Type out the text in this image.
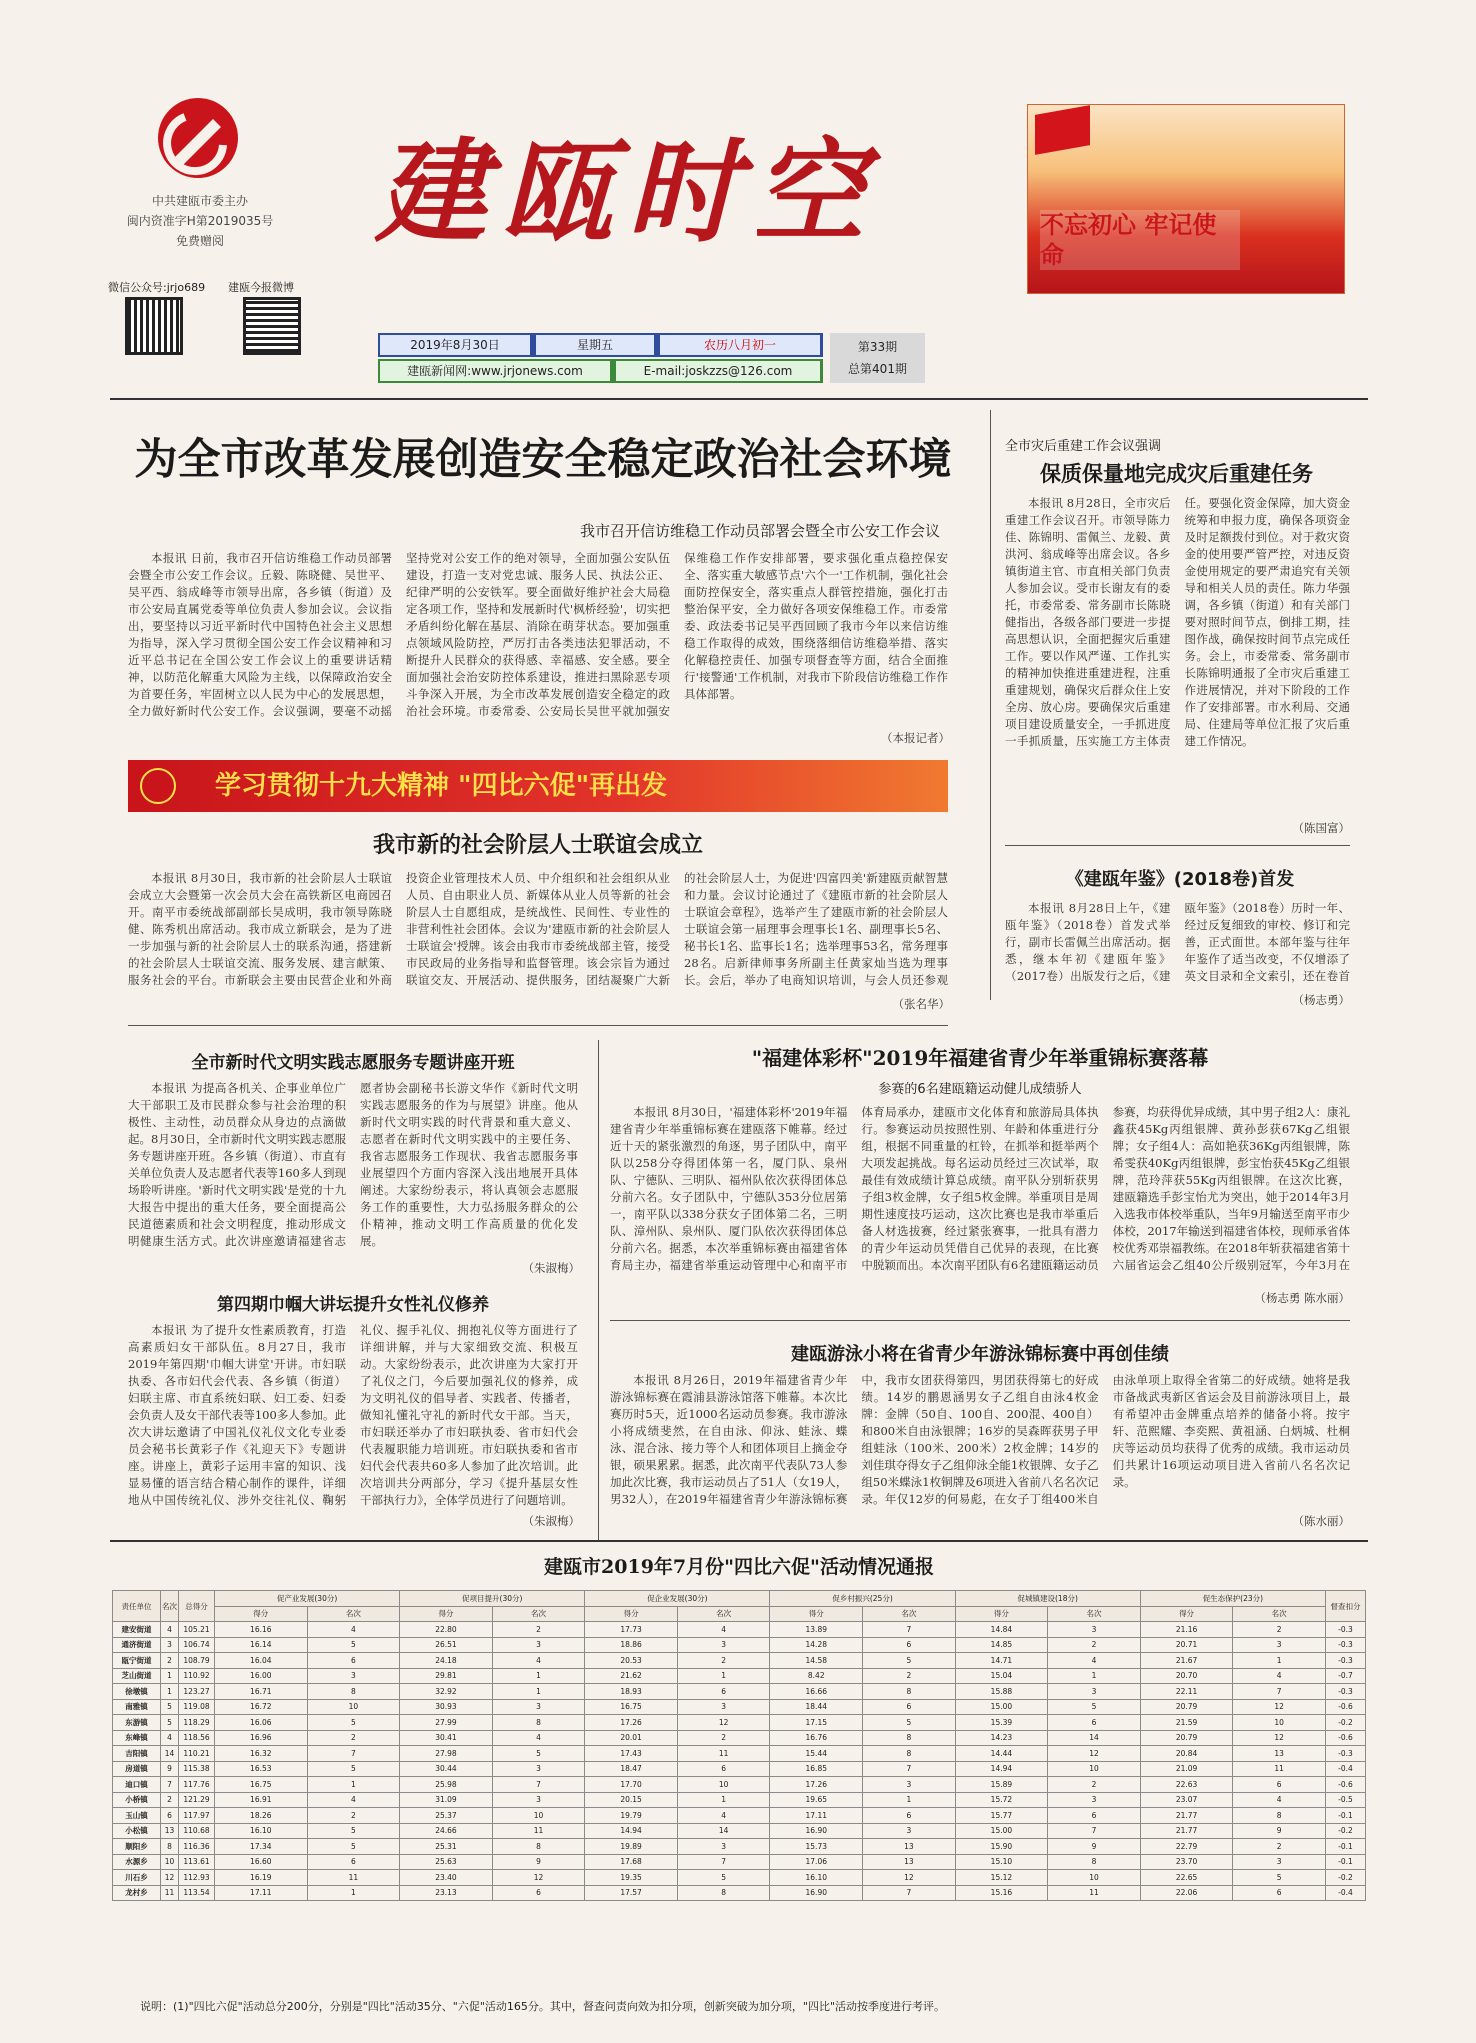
中共建瓯市委主办
闽内资准字H第2019035号
免费赠阅
微信公众号:jrjo689 建瓯今报微博
建瓯时空
2019年8月30日	星期五	农历八月初一
建瓯新闻网:www.jrjonews.com	E-mail:joskzzs@126.com
第33期
总第401期
不忘初心 牢记使命
为全市改革发展创造安全稳定政治社会环境
我市召开信访维稳工作动员部署会暨全市公安工作会议

本报讯 日前，我市召开信访维稳工作动员部署会暨全市公安工作会议。丘毅、陈晓健、吴世平、吴平西、翁成峰等市领导出席，各乡镇（街道）及市公安局直属党委等单位负责人参加会议。会议指出，要坚持以习近平新时代中国特色社会主义思想为指导，深入学习贯彻全国公安工作会议精神和习近平总书记在全国公安工作会议上的重要讲话精神，以防范化解重大风险为主线，以保障政治安全为首要任务，牢固树立以人民为中心的发展思想，全力做好新时代公安工作。会议强调，要毫不动摇坚持党对公安工作的绝对领导，全面加强公安队伍建设，打造一支对党忠诚、服务人民、执法公正、纪律严明的公安铁军。要全面做好维护社会大局稳定各项工作，坚持和发展新时代'枫桥经验'，切实把矛盾纠纷化解在基层、消除在萌芽状态。要加强重点领域风险防控，严厉打击各类违法犯罪活动，不断提升人民群众的获得感、幸福感、安全感。要全面加强社会治安防控体系建设，推进扫黑除恶专项斗争深入开展，为全市改革发展创造安全稳定的政治社会环境。市委常委、公安局长吴世平就加强安保维稳工作作安排部署，要求强化重点稳控保安全、落实重大敏感节点'六个一'工作机制，强化社会面防控保安全，落实重点人群管控措施，强化打击整治保平安，全力做好各项安保维稳工作。市委常委、政法委书记吴平西回顾了我市今年以来信访维稳工作取得的成效，围绕落细信访维稳举措、落实化解稳控责任、加强专项督查等方面，结合全面推行'接警通'工作机制，对我市下阶段信访维稳工作作具体部署。

（本报记者）
学习贯彻十九大精神 "四比六促"再出发
我市新的社会阶层人士联谊会成立

本报讯 8月30日，我市新的社会阶层人士联谊会成立大会暨第一次会员大会在高铁新区电商园召开。南平市委统战部副部长吴成明，我市领导陈晓健、陈秀机出席活动。我市成立新联会，是为了进一步加强与新的社会阶层人士的联系沟通，搭建新的社会阶层人士联谊交流、服务发展、建言献策、服务社会的平台。市新联会主要由民营企业和外商投资企业管理技术人员、中介组织和社会组织从业人员、自由职业人员、新媒体从业人员等新的社会阶层人士自愿组成，是统战性、民间性、专业性的非营利性社会团体。会议为'建瓯市新的社会阶层人士联谊会'授牌。该会由我市市委统战部主管，接受市民政局的业务指导和监督管理。该会宗旨为通过联谊交友、开展活动、提供服务，团结凝聚广大新的社会阶层人士，为促进'四富四美'新建瓯贡献智慧和力量。会议讨论通过了《建瓯市新的社会阶层人士联谊会章程》，选举产生了建瓯市新的社会阶层人士联谊会第一届理事会理事长1名、副理事长5名、秘书长1名、监事长1名；选举理事53名，常务理事28名。启新律师事务所副主任黄家灿当选为理事长。会后，举办了电商知识培训，与会人员还参观

（张名华）
全市灾后重建工作会议强调
保质保量地完成灾后重建任务

本报讯 8月28日，全市灾后重建工作会议召开。市领导陈力佳、陈锦明、雷佩兰、龙毅、黄洪河、翁成峰等出席会议。各乡镇街道主官、市直相关部门负责人参加会议。受市长谢友有的委托，市委常委、常务副市长陈晓健指出，各级各部门要进一步提高思想认识，全面把握灾后重建工作。要以作风严谨、工作扎实的精神加快推进重建进程，注重重建规划，确保灾后群众住上安全房、放心房。要确保灾后重建项目建设质量安全，一手抓进度一手抓质量，压实施工方主体责任。要强化资金保障，加大资金统筹和申报力度，确保各项资金及时足额拨付到位。对于救灾资金的使用要严管严控，对违反资金使用规定的要严肃追究有关领导和相关人员的责任。陈力华强调，各乡镇（街道）和有关部门要对照时间节点，倒排工期，挂图作战，确保按时间节点完成任务。会上，市委常委、常务副市长陈锦明通报了全市灾后重建工作进展情况，并对下阶段的工作作了安排部署。市水利局、交通局、住建局等单位汇报了灾后重建工作情况。

（陈国富）
《建瓯年鉴》(2018卷)首发

本报讯 8月28日上午，《建瓯年鉴》（2018卷）首发式举行，副市长雷佩兰出席活动。据悉，继本年初《建瓯年鉴》（2017卷）出版发行之后，《建瓯年鉴》（2018卷）历时一年、经过反复细致的审校、修订和完善，正式面世。本部年鉴与往年年鉴作了适当改变，不仅增添了英文目录和全文索引，还在卷首

（杨志勇）
全市新时代文明实践志愿服务专题讲座开班

本报讯 为提高各机关、企事业单位广大干部职工及市民群众参与社会治理的积极性、主动性，动员群众从身边的点滴做起。8月30日，全市新时代文明实践志愿服务专题讲座开班。各乡镇（街道）、市直有关单位负责人及志愿者代表等160多人到现场聆听讲座。'新时代文明实践'是党的十九大报告中提出的重大任务，要全面提高公民道德素质和社会文明程度，推动形成文明健康生活方式。此次讲座邀请福建省志愿者协会副秘书长游文华作《新时代文明实践志愿服务的作为与展望》讲座。他从新时代文明实践的时代背景和重大意义、志愿者在新时代文明实践中的主要任务、我省志愿服务工作现状、我省志愿服务事业展望四个方面内容深入浅出地展开具体阐述。大家纷纷表示，将认真领会志愿服务工作的重要性，大力弘扬服务群众的公仆精神，推动文明工作高质量的优化发展。

（朱淑梅）
第四期巾帼大讲坛提升女性礼仪修养

本报讯 为了提升女性素质教育，打造高素质妇女干部队伍。8月27日，我市2019年第四期'巾帼大讲堂'开讲。市妇联执委、各市妇代会代表、各乡镇（街道）妇联主席、市直系统妇联、妇工委、妇委会负责人及女干部代表等100多人参加。此次大讲坛邀请了中国礼仪礼仪文化专业委员会秘书长黄彩子作《礼迎天下》专题讲座。讲座上，黄彩子运用丰富的知识、浅显易懂的语言结合精心制作的课件，详细地从中国传统礼仪、涉外交往礼仪、鞠躬礼仪、握手礼仪、拥抱礼仪等方面进行了详细讲解，并与大家细致交流、积极互动。大家纷纷表示，此次讲座为大家打开了礼仪之门，今后要加强礼仪的修养，成为文明礼仪的倡导者、实践者、传播者，做知礼懂礼守礼的新时代女干部。当天，市妇联还举办了市妇联执委、省市妇代会代表履职能力培训班。市妇联执委和省市妇代会代表共60多人参加了此次培训。此次培训共分两部分，学习《提升基层女性干部执行力》，全体学员进行了问题培训。

（朱淑梅）
"福建体彩杯"2019年福建省青少年举重锦标赛落幕
参赛的6名建瓯籍运动健儿成绩骄人

本报讯 8月30日，'福建体彩杯'2019年福建省青少年举重锦标赛在建瓯落下帷幕。经过近十天的紧张激烈的角逐，男子团队中，南平队以258分夺得团体第一名，厦门队、泉州队、宁德队、三明队、福州队依次获得团体总分前六名。女子团队中，宁德队353分位居第一，南平队以338分获女子团体第二名，三明队、漳州队、泉州队、厦门队依次获得团体总分前六名。据悉，本次举重锦标赛由福建省体育局主办，福建省举重运动管理中心和南平市体育局承办，建瓯市文化体育和旅游局具体执行。参赛运动员按照性别、年龄和体重进行分组，根据不同重量的杠铃，在抓举和挺举两个大项发起挑战。每名运动员经过三次试举，取最佳有效成绩计算总成绩。南平队分别斩获男子组3枚金牌，女子组5枚金牌。举重项目是周期性速度技巧运动，这次比赛也是我市举重后备人材选拔赛，经过紧张赛事，一批具有潜力的青少年运动员凭借自己优异的表现，在比赛中脱颖而出。本次南平团队有6名建瓯籍运动员参赛，均获得优异成绩，其中男子组2人：康礼鑫获45Kg丙组银牌、黄孙彭获67Kg乙组银牌；女子组4人：高如艳获36Kg丙组银牌，陈希雯获40Kg丙组银牌，彭宝怡获45Kg乙组银牌，范玲萍获55Kg丙组银牌。在这次比赛，建瓯籍选手彭宝怡尤为突出，她于2014年3月入选我市体校举重队，当年9月输送至南平市少体校，2017年输送到福建省体校，现师承省体校优秀邓崇福教练。在2018年斩获福建省第十六届省运会乙组40公斤级别冠军，今年3月在

（杨志勇 陈水丽）
建瓯游泳小将在省青少年游泳锦标赛中再创佳绩

本报讯 8月26日，2019年福建省青少年游泳锦标赛在霞浦县游泳馆落下帷幕。本次比赛历时5天，近1000名运动员参赛。我市游泳小将成绩斐然，在自由泳、仰泳、蛙泳、蝶泳、混合泳、接力等个人和团体项目上摘金夺银，硕果累累。据悉，此次南平代表队73人参加此次比赛，我市运动员占了51人（女19人，男32人），在2019年福建省青少年游泳锦标赛中，我市女团获得第四，男团获得第七的好成绩。14岁的鹏恩涵男女子乙组自由泳4枚金牌：金牌（50自、100自、200混、400自）和800米自由泳银牌；16岁的吴森晖获男子甲组蛙泳（100米、200米）2枚金牌；14岁的刘佳琪夺得女子乙组仰泳全能1枚银牌、女子乙组50米蝶泳1枚铜牌及6项进入省前八名名次记录。年仅12岁的何易彪，在女子丁组400米自由泳单项上取得全省第二的好成绩。她将是我市备战武夷新区省运会及目前游泳项目上，最有希望冲击金牌重点培养的储备小将。按宇轩、范熙耀、李奕熙、黄祖涵、白炳城、杜桐庆等运动员均获得了优秀的成绩。我市运动员们共累计16项运动项目进入省前八名名次记录。

（陈水丽）
建瓯市2019年7月份"四比六促"活动情况通报
责任单位	名次	总得分	促产业发展(30分)		促项目提升(30分)		促企业发展(30分)		促乡村振兴(25分)		促城镇建设(18分)		促生态保护(23分)		督查扣分
			得分	名次	得分	名次	得分	名次	得分	名次	得分	名次	得分	名次	
建安街道	4	105.21	16.16	4	22.80	2	17.73	4	13.89	7	14.84	3	21.16	2	-0.3
通济街道	3	106.74	16.14	5	26.51	3	18.86	3	14.28	6	14.85	2	20.71	3	-0.3
瓯宁街道	2	108.79	16.04	6	24.18	4	20.53	2	14.58	5	14.71	4	21.67	1	-0.3
芝山街道	1	110.92	16.00	3	29.81	1	21.62	1	8.42	2	15.04	1	20.70	4	-0.7
徐墩镇	1	123.27	16.71	8	32.92	1	18.93	6	16.66	8	15.88	3	22.11	7	-0.3
南雅镇	5	119.08	16.72	10	30.93	3	16.75	3	18.44	6	15.00	5	20.79	12	-0.6
东游镇	5	118.29	16.06	5	27.99	8	17.26	12	17.15	5	15.39	6	21.59	10	-0.2
东峰镇	4	118.56	16.96	2	30.41	4	20.01	2	16.76	8	14.23	14	20.79	12	-0.6
吉阳镇	14	110.21	16.32	7	27.98	5	17.43	11	15.44	8	14.44	12	20.84	13	-0.3
房道镇	9	115.38	16.53	5	30.44	3	18.47	6	16.85	7	14.94	10	21.09	11	-0.4
迪口镇	7	117.76	16.75	1	25.98	7	17.70	10	17.26	3	15.89	2	22.63	6	-0.6
小桥镇	2	121.29	16.91	4	31.09	3	20.15	1	19.65	1	15.72	3	23.07	4	-0.5
玉山镇	6	117.97	18.26	2	25.37	10	19.79	4	17.11	6	15.77	6	21.77	8	-0.1
小松镇	13	110.68	16.10	5	24.66	11	14.94	14	16.90	3	15.00	7	21.77	9	-0.2
顺阳乡	8	116.36	17.34	5	25.31	8	19.89	3	15.73	13	15.90	9	22.79	2	-0.1
水源乡	10	113.61	16.60	6	25.63	9	17.68	7	17.06	13	15.10	8	23.70	3	-0.1
川石乡	12	112.93	16.19	11	23.40	12	19.35	5	16.10	12	15.12	10	22.65	5	-0.2
龙村乡	11	113.54	17.11	1	23.13	6	17.57	8	16.90	7	15.16	11	22.06	6	-0.4
说明：(1)"四比六促"活动总分200分，分别是"四比"活动35分、"六促"活动165分。其中，督查问责向效为扣分项，创新突破为加分项，"四比"活动按季度进行考评。
